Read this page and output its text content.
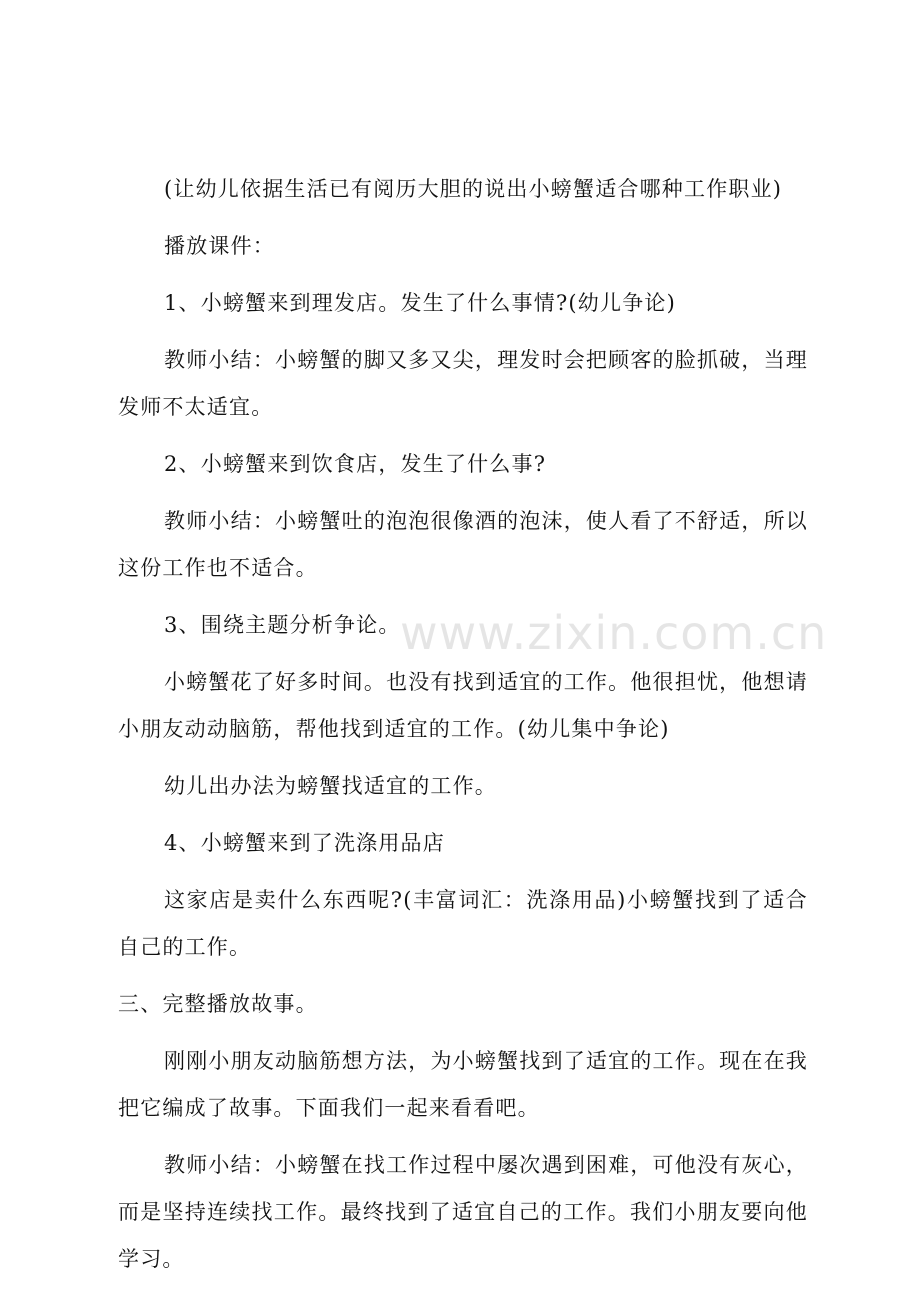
(让幼儿依据生活已有阅历大胆的说出小螃蟹适合哪种工作职业)

播放课件：

1、小螃蟹来到理发店。发生了什么事情?(幼儿争论)

教师小结：小螃蟹的脚又多又尖，理发时会把顾客的脸抓破，当理发师不太适宜。

2、小螃蟹来到饮食店，发生了什么事?

教师小结：小螃蟹吐的泡泡很像酒的泡沫，使人看了不舒适，所以这份工作也不适合。

3、围绕主题分析争论。

小螃蟹花了好多时间。也没有找到适宜的工作。他很担忧，他想请小朋友动动脑筋，帮他找到适宜的工作。(幼儿集中争论)

幼儿出办法为螃蟹找适宜的工作。

4、小螃蟹来到了洗涤用品店

这家店是卖什么东西呢?(丰富词汇：洗涤用品)小螃蟹找到了适合自己的工作。

三、完整播放故事。

刚刚小朋友动脑筋想方法，为小螃蟹找到了适宜的工作。现在在我把它编成了故事。下面我们一起来看看吧。

教师小结：小螃蟹在找工作过程中屡次遇到困难，可他没有灰心，而是坚持连续找工作。最终找到了适宜自己的工作。我们小朋友要向他学习。

www.zixin.com.cn
